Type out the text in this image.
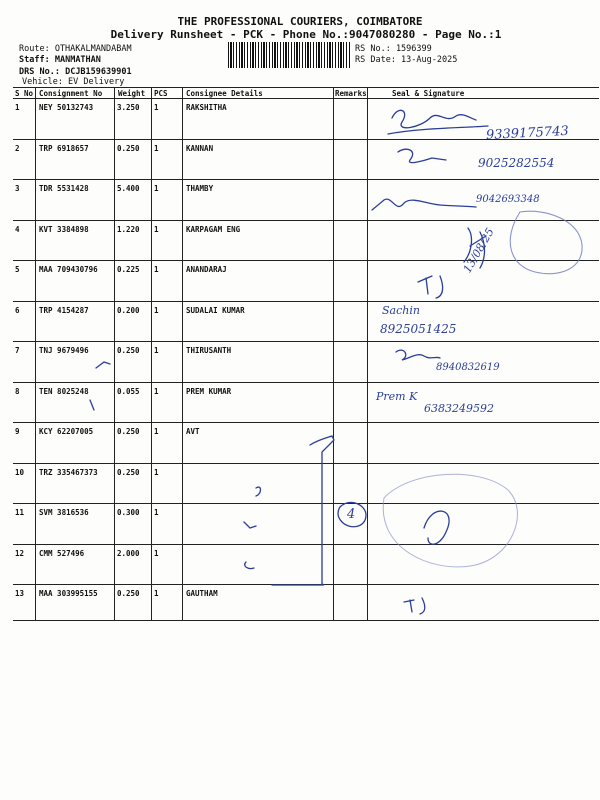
THE PROFESSIONAL COURIERS, COIMBATORE
Delivery Runsheet - PCK - Phone No.:9047080280 - Page No.:1
Route: OTHAKALMANDABAM
Staff: MANMATHAN
DRS No.: DCJB159639901
Vehicle: EV Delivery
RS No.: 1596399
RS Date: 13-Aug-2025
S No Consignment No Weight PCS Consignee Details	Remarks	Seal & Signature
1	NEY 50132743	3.250 1	RAKSHITHA
2	TRP 6918657	0.250 1	KANNAN
3	TDR 5531428	5.400 1	THAMBY
4	KVT 3384898	1.220 1	KARPAGAM ENG
5	MAA 709430796	0.225 1	ANANDARAJ
6	TRP 4154287	0.200 1	SUDALAI KUMAR
7	TNJ 9679496	0.250 1	THIRUSANTH
8	TEN 8025248	0.055 1	PREM KUMAR
9	KCY 62207005	0.250 1	AVT
10 TRZ 335467373	0.250 1
11 SVM 3816536	0.300 1
12 CMM 527496	2.000 1
13 MAA 303995155	0.250 1	GAUTHAM
9339175743
9025282554
9042693348
13/08/25
Sachin
8925051425
8940832619
Prem K
6383249592
4
